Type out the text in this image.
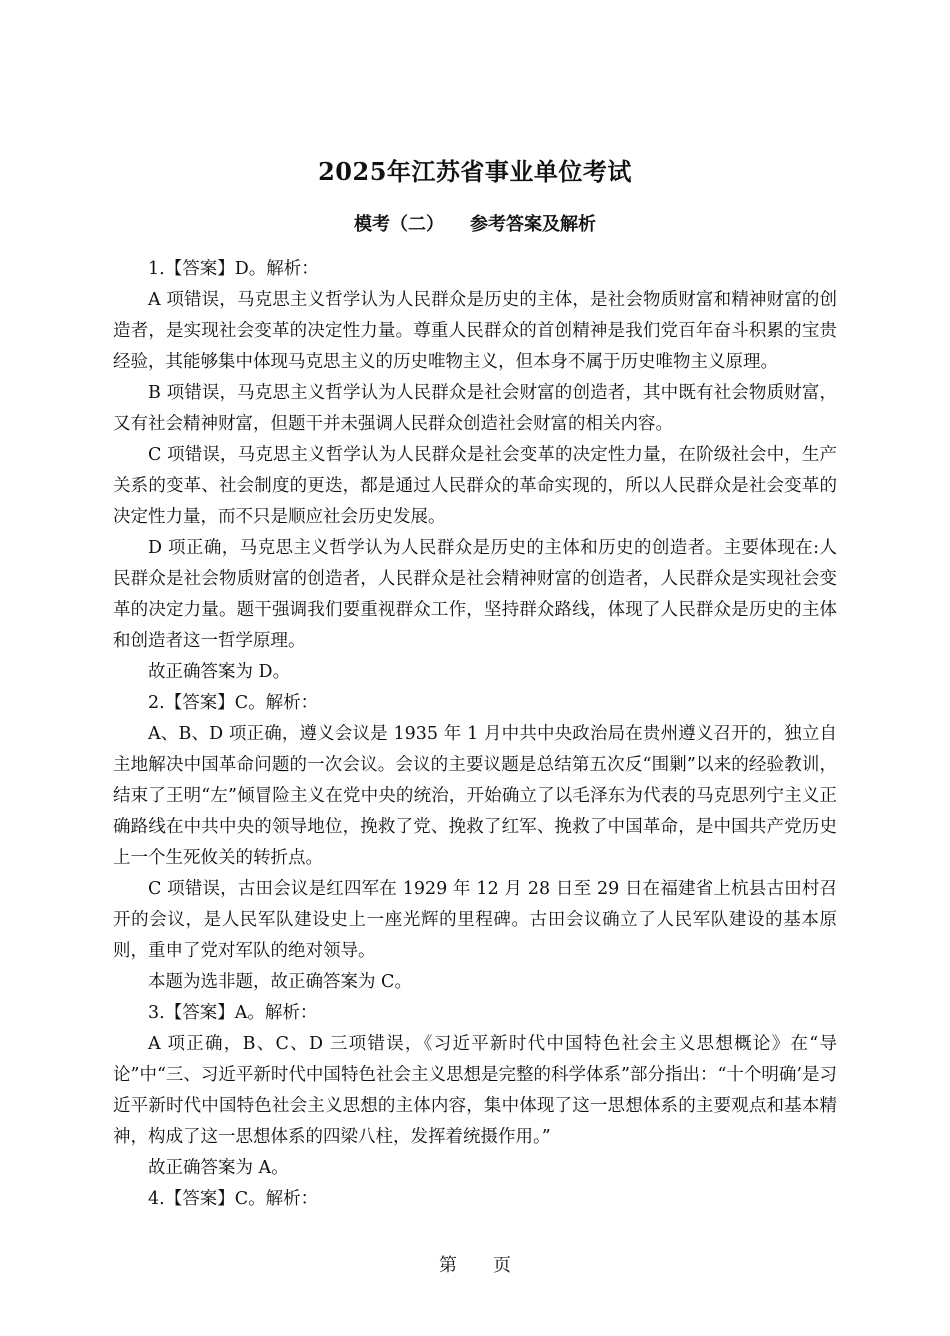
2025年江苏省事业单位考试
模考（二） 参考答案及解析

1.【答案】D。解析：

A 项错误，马克思主义哲学认为人民群众是历史的主体，是社会物质财富和精神财富的创造者，是实现社会变革的决定性力量。尊重人民群众的首创精神是我们党百年奋斗积累的宝贵经验，其能够集中体现马克思主义的历史唯物主义，但本身不属于历史唯物主义原理。

B 项错误，马克思主义哲学认为人民群众是社会财富的创造者，其中既有社会物质财富，又有社会精神财富，但题干并未强调人民群众创造社会财富的相关内容。

C 项错误，马克思主义哲学认为人民群众是社会变革的决定性力量，在阶级社会中，生产关系的变革、社会制度的更迭，都是通过人民群众的革命实现的，所以人民群众是社会变革的决定性力量，而不只是顺应社会历史发展。

D 项正确，马克思主义哲学认为人民群众是历史的主体和历史的创造者。主要体现在:人民群众是社会物质财富的创造者，人民群众是社会精神财富的创造者，人民群众是实现社会变革的决定力量。题干强调我们要重视群众工作，坚持群众路线，体现了人民群众是历史的主体和创造者这一哲学原理。

故正确答案为 D。

2.【答案】C。解析：

A、B、D 项正确，遵义会议是 1935 年 1 月中共中央政治局在贵州遵义召开的，独立自主地解决中国革命问题的一次会议。会议的主要议题是总结第五次反“围剿”以来的经验教训，结束了王明“左”倾冒险主义在党中央的统治，开始确立了以毛泽东为代表的马克思列宁主义正确路线在中共中央的领导地位，挽救了党、挽救了红军、挽救了中国革命，是中国共产党历史上一个生死攸关的转折点。

C 项错误，古田会议是红四军在 1929 年 12 月 28 日至 29 日在福建省上杭县古田村召开的会议，是人民军队建设史上一座光辉的里程碑。古田会议确立了人民军队建设的基本原则，重申了党对军队的绝对领导。

本题为选非题，故正确答案为 C。

3.【答案】A。解析：

A 项正确，B、C、D 三项错误，《习近平新时代中国特色社会主义思想概论》在“导论”中“三、习近平新时代中国特色社会主义思想是完整的科学体系”部分指出：“十个明确’是习近平新时代中国特色社会主义思想的主体内容，集中体现了这一思想体系的主要观点和基本精神，构成了这一思想体系的四梁八柱，发挥着统摄作用。”

故正确答案为 A。

4.【答案】C。解析：

第 页
